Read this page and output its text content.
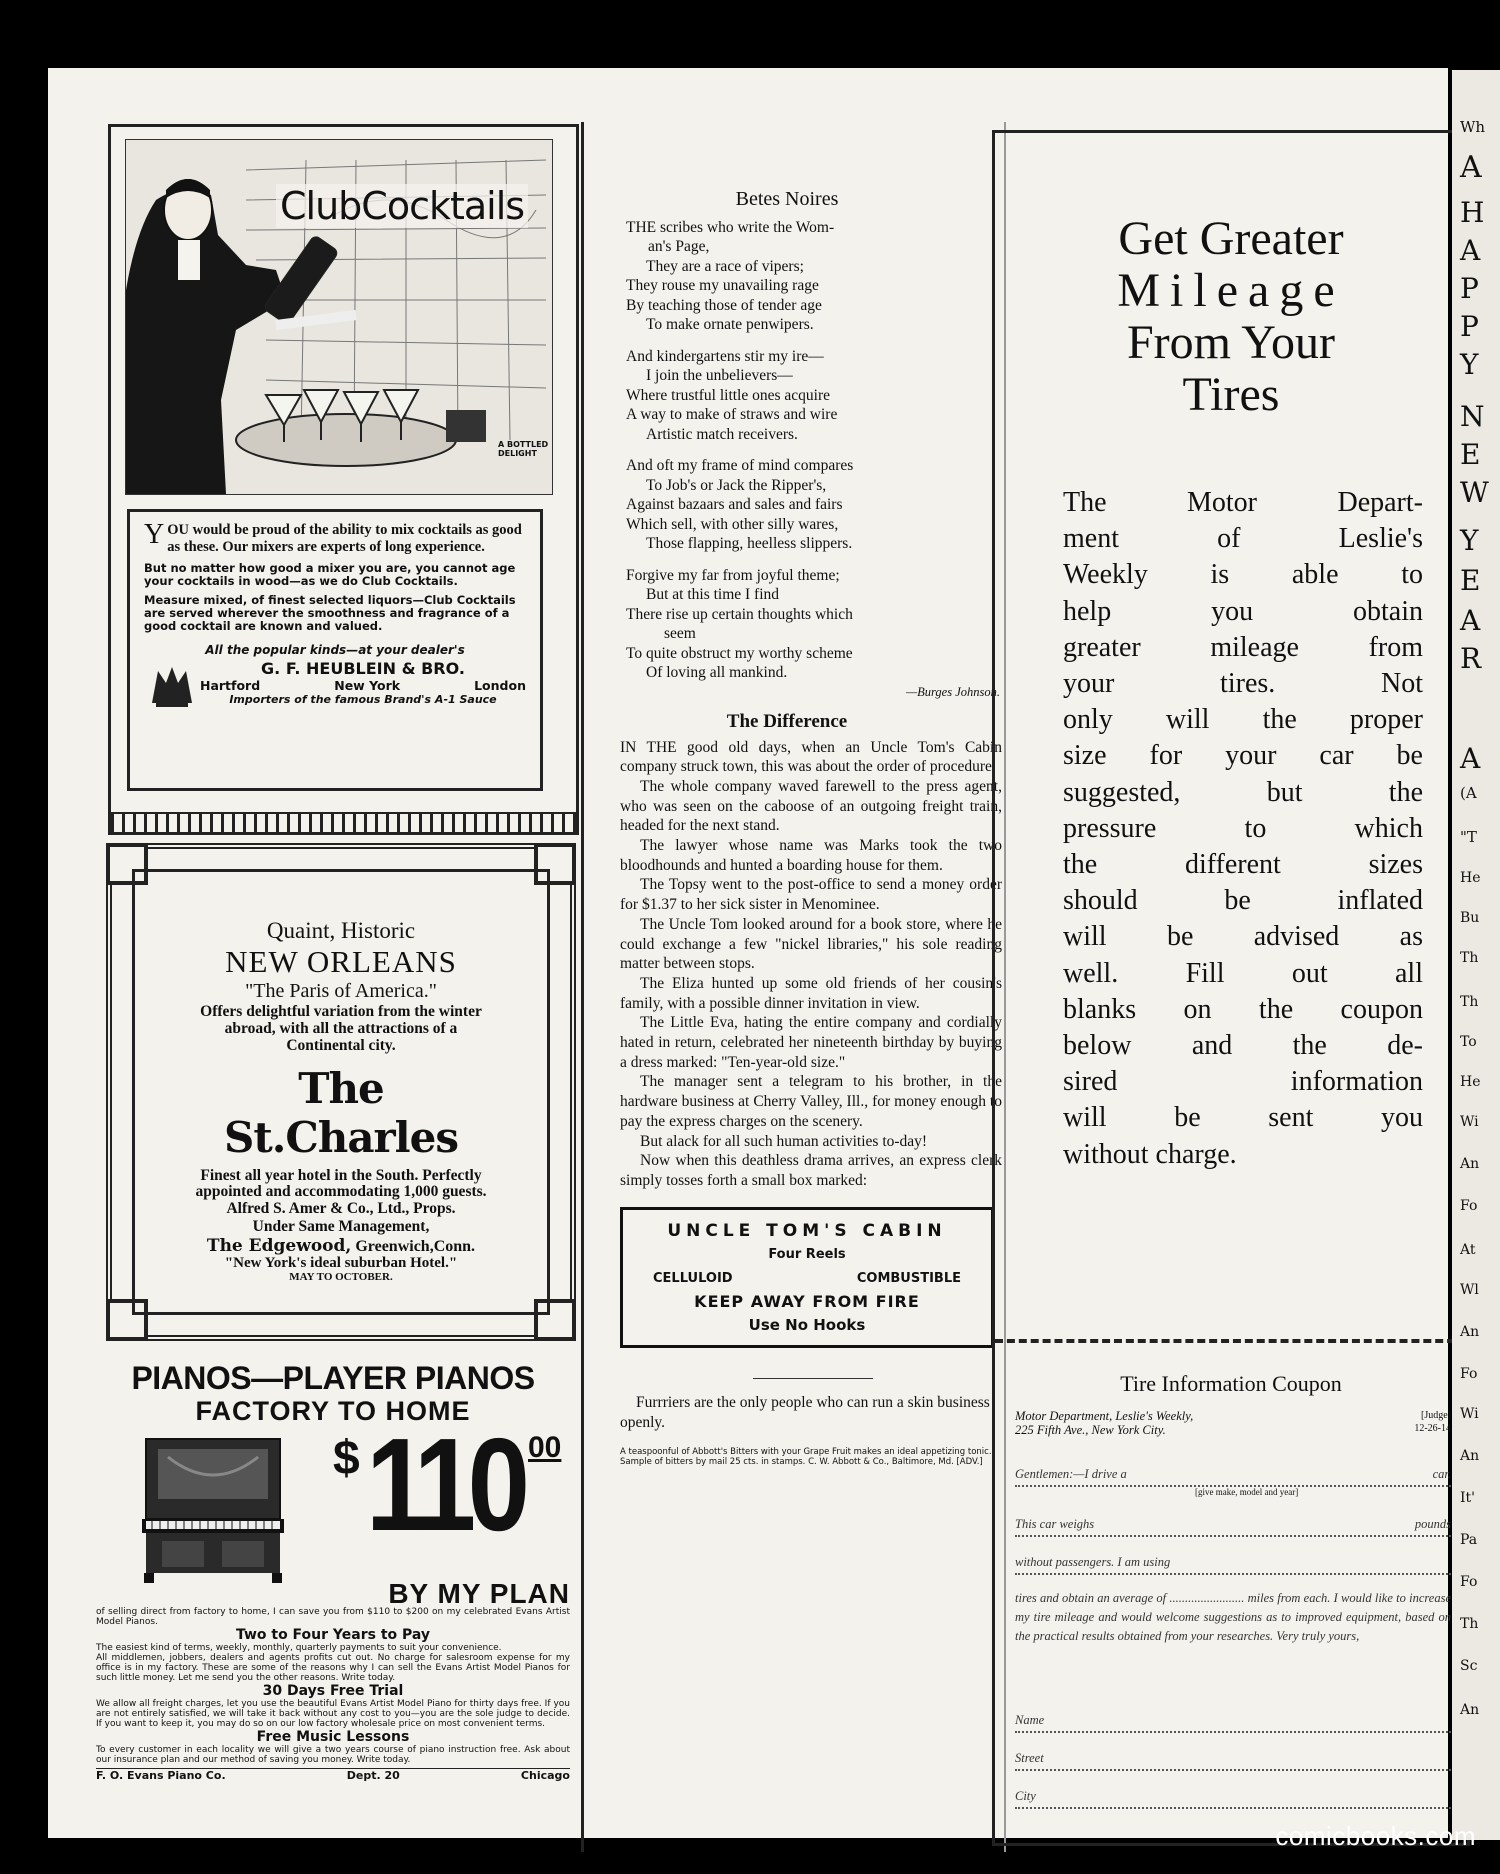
ClubCocktails
A BOTTLED DELIGHT

Y OU would be proud of the ability to mix cocktails as good as these. Our mixers are experts of long experience.

But no matter how good a mixer you are, you cannot age your cocktails in wood—as we do Club Cocktails.

Measure mixed, of finest selected liquors—Club Cocktails are served wherever the smoothness and fragrance of a good cocktail are known and valued.

All the popular kinds—at your dealer's

G. F. HEUBLEIN & BRO.
Hartford	New York	London
Importers of the famous Brand's A-1 Sauce
Quaint, Historic
NEW ORLEANS
"The Paris of America."
Offers delightful variation from the winter abroad, with all the attractions of a Continental city.
The St.Charles
Finest all year hotel in the South. Perfectly appointed and accommodating 1,000 guests.
Alfred S. Amer & Co., Ltd., Props.
Under Same Management,
The Edgewood, Greenwich,Conn.
"New York's ideal suburban Hotel."
MAY TO OCTOBER.
PIANOS—PLAYER PIANOS
FACTORY TO HOME
$ 110 00
BY MY PLAN
of selling direct from factory to home, I can save you from $110 to $200 on my celebrated Evans Artist Model Pianos.
Two to Four Years to Pay
The easiest kind of terms, weekly, monthly, quarterly payments to suit your convenience.
All middlemen, jobbers, dealers and agents profits cut out. No charge for salesroom expense for my office is in my factory. These are some of the reasons why I can sell the Evans Artist Model Pianos for such little money. Let me send you the other reasons. Write today.
30 Days Free Trial
We allow all freight charges, let you use the beautiful Evans Artist Model Piano for thirty days free. If you are not entirely satisfied, we will take it back without any cost to you—you are the sole judge to decide. If you want to keep it, you may do so on our low factory wholesale price on most convenient terms.
Free Music Lessons
To every customer in each locality we will give a two years course of piano instruction free. Ask about our insurance plan and our method of saving you money. Write today.
F. O. Evans Piano Co.	Dept. 20	Chicago
Betes Noires
THE scribes who write the Wom-
an's Page,
They are a race of vipers;
They rouse my unavailing rage
By teaching those of tender age
To make ornate penwipers.
And kindergartens stir my ire—
I join the unbelievers—
Where trustful little ones acquire
A way to make of straws and wire
Artistic match receivers.
And oft my frame of mind compares
To Job's or Jack the Ripper's,
Against bazaars and sales and fairs
Which sell, with other silly wares,
Those flapping, heelless slippers.
Forgive my far from joyful theme;
But at this time I find
There rise up certain thoughts which
seem
To quite obstruct my worthy scheme
Of loving all mankind.
—Burges Johnson.
The Difference

IN THE good old days, when an Uncle Tom's Cabin company struck town, this was about the order of procedure:

The whole company waved farewell to the press agent, who was seen on the caboose of an outgoing freight train, headed for the next stand.

The lawyer whose name was Marks took the two bloodhounds and hunted a boarding house for them.

The Topsy went to the post-office to send a money order for $1.37 to her sick sister in Menominee.

The Uncle Tom looked around for a book store, where he could exchange a few "nickel libraries," his sole reading matter between stops.

The Eliza hunted up some old friends of her cousin's family, with a possible dinner invitation in view.

The Little Eva, hating the entire company and cordially hated in return, celebrated her nineteenth birthday by buying a dress marked: "Ten-year-old size."

The manager sent a telegram to his brother, in the hardware business at Cherry Valley, Ill., for money enough to pay the express charges on the scenery.

But alack for all such human activities to-day!

Now when this deathless drama arrives, an express clerk simply tosses forth a small box marked:

UNCLE TOM'S CABIN
Four Reels
CELLULOID	COMBUSTIBLE
KEEP AWAY FROM FIRE
Use No Hooks

Furrriers are the only people who can run a skin business openly.

A teaspoonful of Abbott's Bitters with your Grape Fruit makes an ideal appetizing tonic. Sample of bitters by mail 25 cts. in stamps. C. W. Abbott & Co., Baltimore, Md. [ADV.]

Get Greater
Mileage
From Your
Tires
The Motor Depart-
ment of Leslie's
Weekly is able to
help you obtain
greater mileage from
your tires. Not
only will the proper
size for your car be
suggested, but the
pressure to which
the different sizes
should be inflated
will be advised as
well. Fill out all
blanks on the coupon
below and the de-
sired information
will be sent you
without charge.
Tire Information Coupon
Motor Department, Leslie's Weekly,
225 Fifth Ave., New York City.
[Judge]
12-26-14
Gentlemen:—I drive a	car.
[give make, model and year]
This car weighs	pounds
without passengers. I am using
tires and obtain an average of ........................ miles from each. I would like to increase my tire mileage and would welcome suggestions as to improved equipment, based on the practical results obtained from your researches. Very truly yours,
Name
Street
City
Wh
A
H
A
P
P
Y
N
E
W
Y
E
A
R
A
(A
"T
He
Bu
Th
Th
To
He
Wi
An
Fo
At
Wl
An
Fo
Wi
An
It'
Pa
Fo
Th
Sc
An
comicbooks.com
